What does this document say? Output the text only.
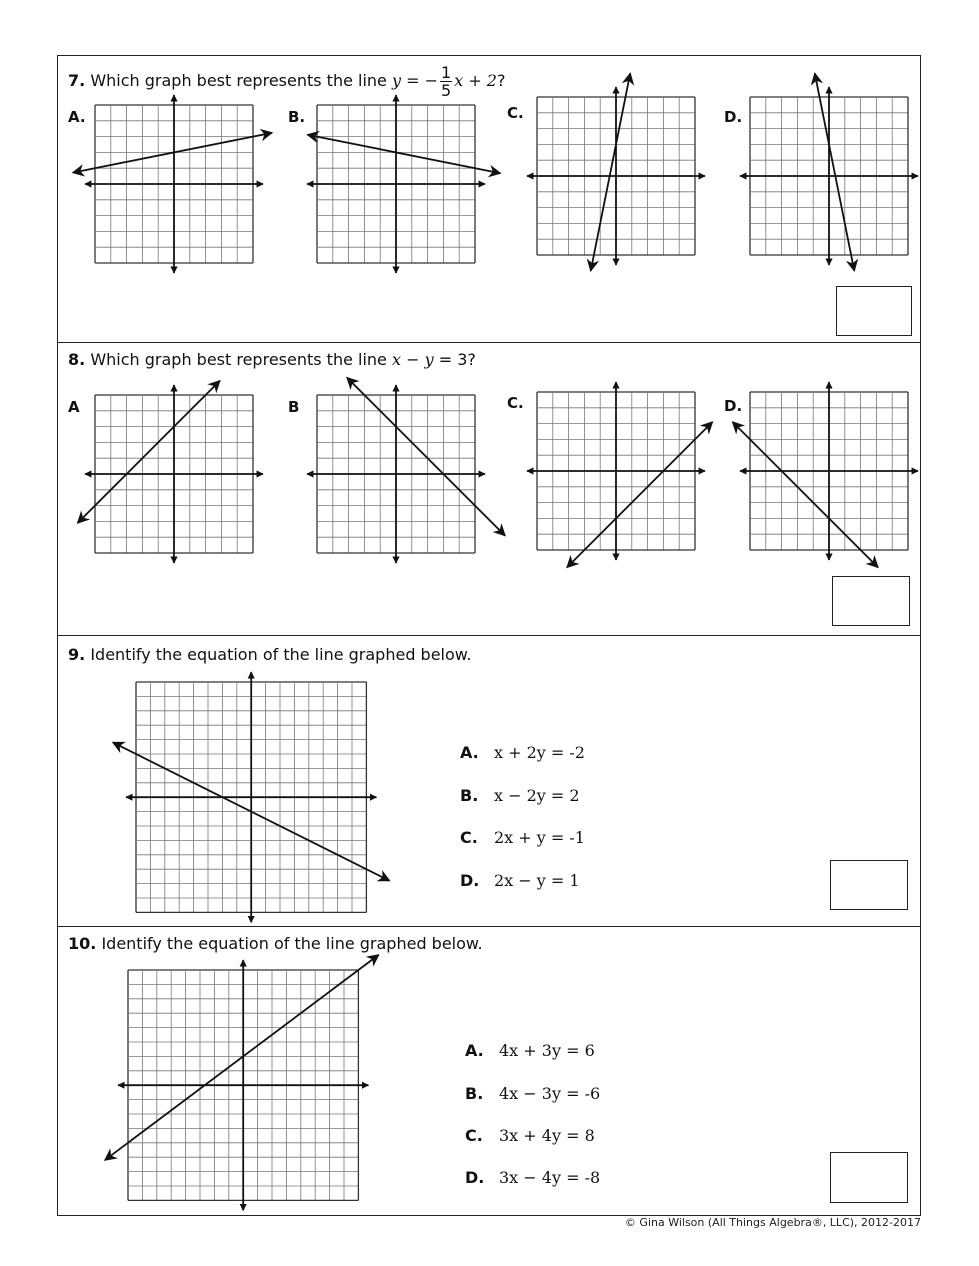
7. Which graph best represents the line y = − $\frac{1}{5}$ x + 2?
A.	B.	C.	D.
8. Which graph best represents the line x − y = 3?
A	B	C.	D.
9. Identify the equation of the line graphed below.
A. x + 2y = -2
B. x − 2y = 2
C. 2x + y = -1
D. 2x − y = 1
10. Identify the equation of the line graphed below.
A. 4x + 3y = 6
B. 4x − 3y = -6
C. 3x + 4y = 8
D. 3x − 4y = -8
© Gina Wilson (All Things Algebra®, LLC), 2012-2017
